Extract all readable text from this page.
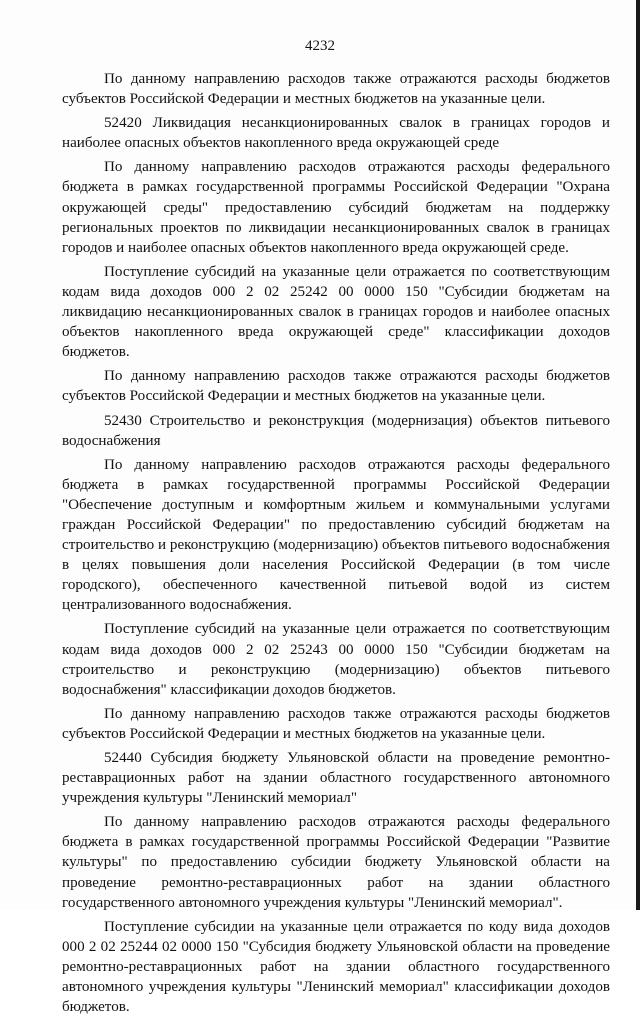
4232

По данному направлению расходов также отражаются расходы бюджетов субъектов Российской Федерации и местных бюджетов на указанные цели.

52420 Ликвидация несанкционированных свалок в границах городов и наиболее опасных объектов накопленного вреда окружающей среде

По данному направлению расходов отражаются расходы федерального бюджета в рамках государственной программы Российской Федерации "Охрана окружающей среды" предоставлению субсидий бюджетам на поддержку региональных проектов по ликвидации несанкционированных свалок в границах городов и наиболее опасных объектов накопленного вреда окружающей среде.

Поступление субсидий на указанные цели отражается по соответствующим кодам вида доходов 000 2 02 25242 00 0000 150 "Субсидии бюджетам на ликвидацию несанкционированных свалок в границах городов и наиболее опасных объектов накопленного вреда окружающей среде" классификации доходов бюджетов.

По данному направлению расходов также отражаются расходы бюджетов субъектов Российской Федерации и местных бюджетов на указанные цели.

52430 Строительство и реконструкция (модернизация) объектов питьевого водоснабжения

По данному направлению расходов отражаются расходы федерального бюджета в рамках государственной программы Российской Федерации "Обеспечение доступным и комфортным жильем и коммунальными услугами граждан Российской Федерации" по предоставлению субсидий бюджетам на строительство и реконструкцию (модернизацию) объектов питьевого водоснабжения в целях повышения доли населения Российской Федерации (в том числе городского), обеспеченного качественной питьевой водой из систем централизованного водоснабжения.

Поступление субсидий на указанные цели отражается по соответствующим кодам вида доходов 000 2 02 25243 00 0000 150 "Субсидии бюджетам на строительство и реконструкцию (модернизацию) объектов питьевого водоснабжения" классификации доходов бюджетов.

По данному направлению расходов также отражаются расходы бюджетов субъектов Российской Федерации и местных бюджетов на указанные цели.

52440 Субсидия бюджету Ульяновской области на проведение ремонтно-реставрационных работ на здании областного государственного автономного учреждения культуры "Ленинский мемориал"

По данному направлению расходов отражаются расходы федерального бюджета в рамках государственной программы Российской Федерации "Развитие культуры" по предоставлению субсидии бюджету Ульяновской области на проведение ремонтно-реставрационных работ на здании областного государственного автономного учреждения культуры "Ленинский мемориал".

Поступление субсидии на указанные цели отражается по коду вида доходов 000 2 02 25244 02 0000 150 "Субсидия бюджету Ульяновской области на проведение ремонтно-реставрационных работ на здании областного государственного автономного учреждения культуры "Ленинский мемориал" классификации доходов бюджетов.
